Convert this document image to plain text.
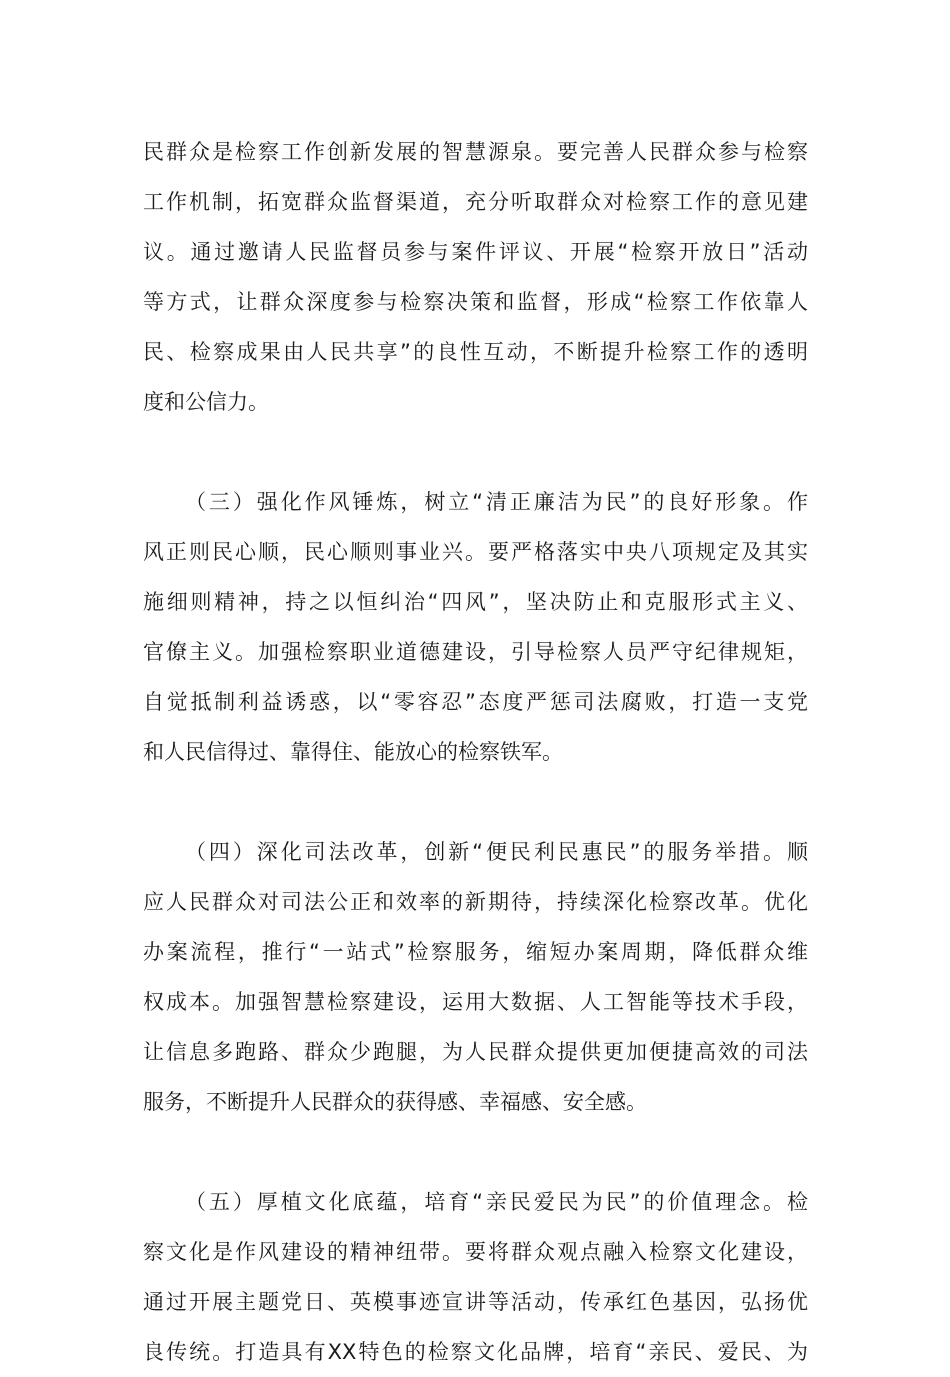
民群众是检察工作创新发展的智慧源泉。要完善人民群众参与检察
工作机制，拓宽群众监督渠道，充分听取群众对检察工作的意见建
议。通过邀请人民监督员参与案件评议、开展“检察开放日”活动
等方式，让群众深度参与检察决策和监督，形成“检察工作依靠人
民、检察成果由人民共享”的良性互动，不断提升检察工作的透明
度和公信力。
（三）强化作风锤炼，树立“清正廉洁为民”的良好形象。作
风正则民心顺，民心顺则事业兴。要严格落实中央八项规定及其实
施细则精神，持之以恒纠治“四风”，坚决防止和克服形式主义、
官僚主义。加强检察职业道德建设，引导检察人员严守纪律规矩，
自觉抵制利益诱惑，以“零容忍”态度严惩司法腐败，打造一支党
和人民信得过、靠得住、能放心的检察铁军。
（四）深化司法改革，创新“便民利民惠民”的服务举措。顺
应人民群众对司法公正和效率的新期待，持续深化检察改革。优化
办案流程，推行“一站式”检察服务，缩短办案周期，降低群众维
权成本。加强智慧检察建设，运用大数据、人工智能等技术手段，
让信息多跑路、群众少跑腿，为人民群众提供更加便捷高效的司法
服务，不断提升人民群众的获得感、幸福感、安全感。
（五）厚植文化底蕴，培育“亲民爱民为民”的价值理念。检
察文化是作风建设的精神纽带。要将群众观点融入检察文化建设，
通过开展主题党日、英模事迹宣讲等活动，传承红色基因，弘扬优
良传统。打造具有XX特色的检察文化品牌，培育“亲民、爱民、为
